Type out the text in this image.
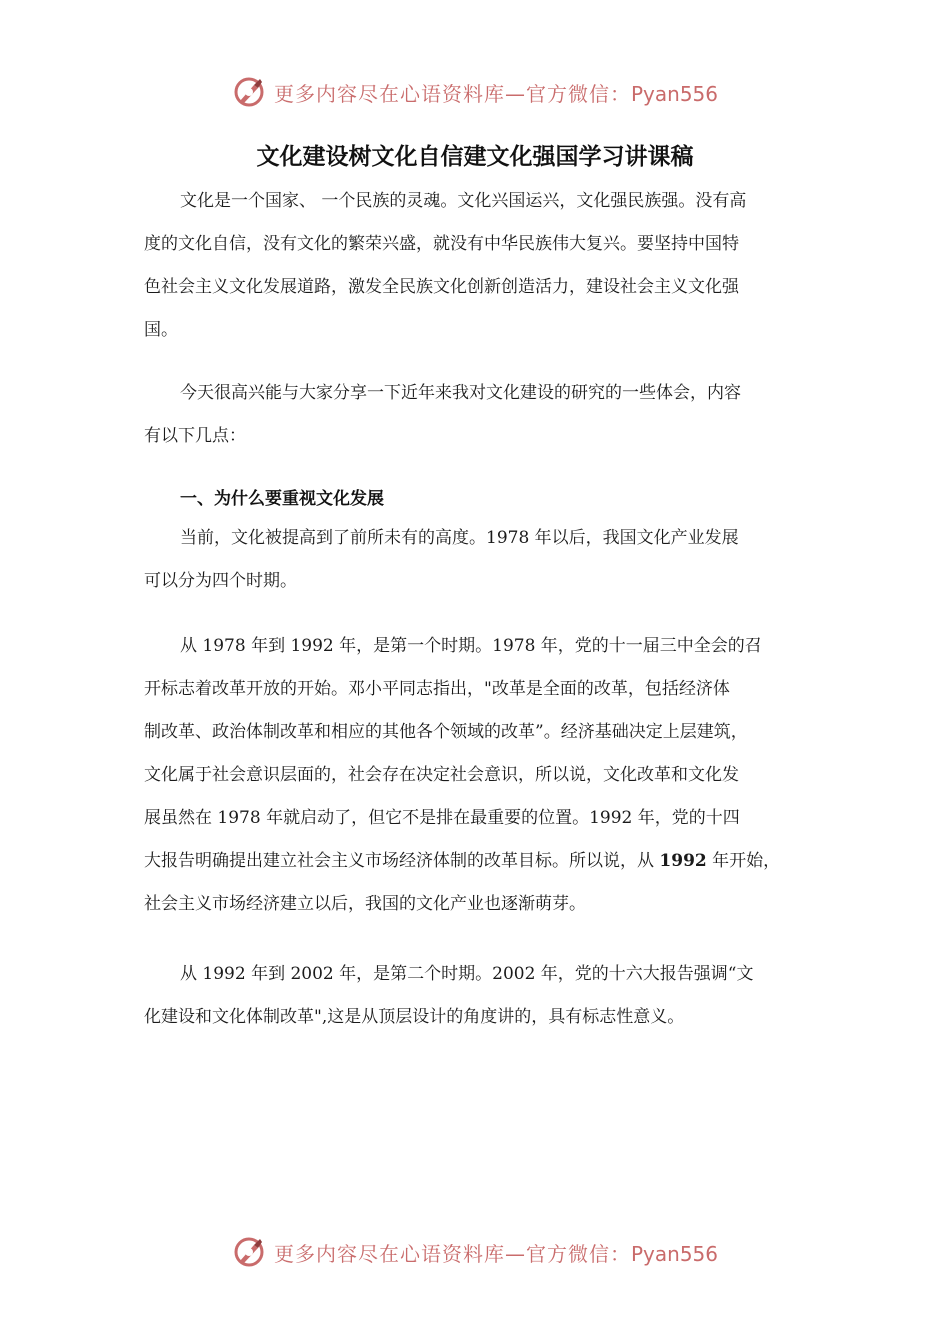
更多内容尽在心语资料库—官方微信：Pyan556
文化建设树文化自信建文化强国学习讲课稿
文化是一个国家、 一个民族的灵魂。文化兴国运兴，文化强民族强。没有高
度的文化自信，没有文化的繁荣兴盛，就没有中华民族伟大复兴。要坚持中国特
色社会主义文化发展道路，激发全民族文化创新创造活力，建设社会主义文化强
国。
今天很高兴能与大家分享一下近年来我对文化建设的研究的一些体会，内容
有以下几点：
一、为什么要重视文化发展
当前，文化被提高到了前所未有的高度。1978 年以后，我国文化产业发展
可以分为四个时期。
从 1978 年到 1992 年，是第一个时期。1978 年，党的十一届三中全会的召
开标志着改革开放的开始。邓小平同志指出，"改革是全面的改革，包括经济体
制改革、政治体制改革和相应的其他各个领域的改革”。经济基础决定上层建筑，
文化属于社会意识层面的，社会存在决定社会意识，所以说，文化改革和文化发
展虽然在 1978 年就启动了，但它不是排在最重要的位置。1992 年，党的十四
大报告明确提出建立社会主义市场经济体制的改革目标。所以说，从 1992 年开始，
社会主义市场经济建立以后，我国的文化产业也逐渐萌芽。
从 1992 年到 2002 年，是第二个时期。2002 年，党的十六大报告强调“文
化建设和文化体制改革",这是从顶层设计的角度讲的，具有标志性意义。
更多内容尽在心语资料库—官方微信：Pyan556
